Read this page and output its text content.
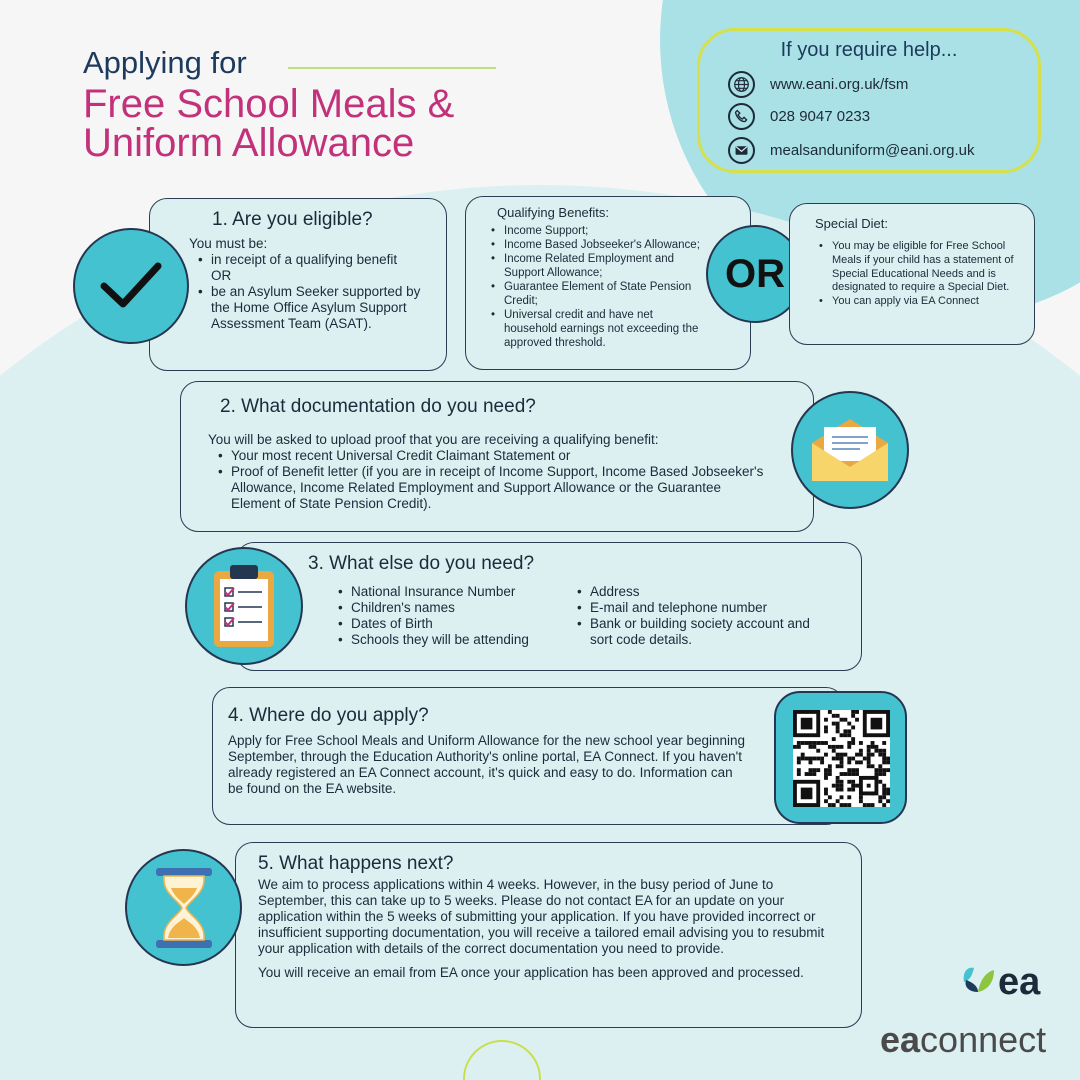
Applying for
Free School Meals &
Uniform Allowance
If you require help...
www.eani.org.uk/fsm
028 9047 0233
mealsanduniform@eani.org.uk
1. Are you eligible?
You must be:
• in receipt of a qualifying benefit
OR
• be an Asylum Seeker supported by the Home Office Asylum Support Assessment Team (ASAT).
Qualifying Benefits:
• Income Support;
• Income Based Jobseeker's Allowance;
• Income Related Employment and Support Allowance;
• Guarantee Element of State Pension Credit;
• Universal credit and have net household earnings not exceeding the approved threshold.
OR
Special Diet:
• You may be eligible for Free School Meals if your child has a statement of Special Educational Needs and is designated to require a Special Diet.
• You can apply via EA Connect
2. What documentation do you need?
You will be asked to upload proof that you are receiving a qualifying benefit:
• Your most recent Universal Credit Claimant Statement or
• Proof of Benefit letter (if you are in receipt of Income Support, Income Based Jobseeker's Allowance, Income Related Employment and Support Allowance or the Guarantee Element of State Pension Credit).
3. What else do you need?
• National Insurance Number
• Children's names
• Dates of Birth
• Schools they will be attending
• Address
• E-mail and telephone number
• Bank or building society account and sort code details.
4. Where do you apply?
Apply for Free School Meals and Uniform Allowance for the new school year beginning September, through the Education Authority's online portal, EA Connect. If you haven't already registered an EA Connect account, it's quick and easy to do. Information can be found on the EA website.
5. What happens next?

We aim to process applications within 4 weeks. However, in the busy period of June to September, this can take up to 5 weeks. Please do not contact EA for an update on your application within the 5 weeks of submitting your application. If you have provided incorrect or insufficient supporting documentation, you will receive a tailored email advising you to resubmit your application with details of the correct documentation you need to provide.

You will receive an email from EA once your application has been approved and processed.	ea
eaconnect
